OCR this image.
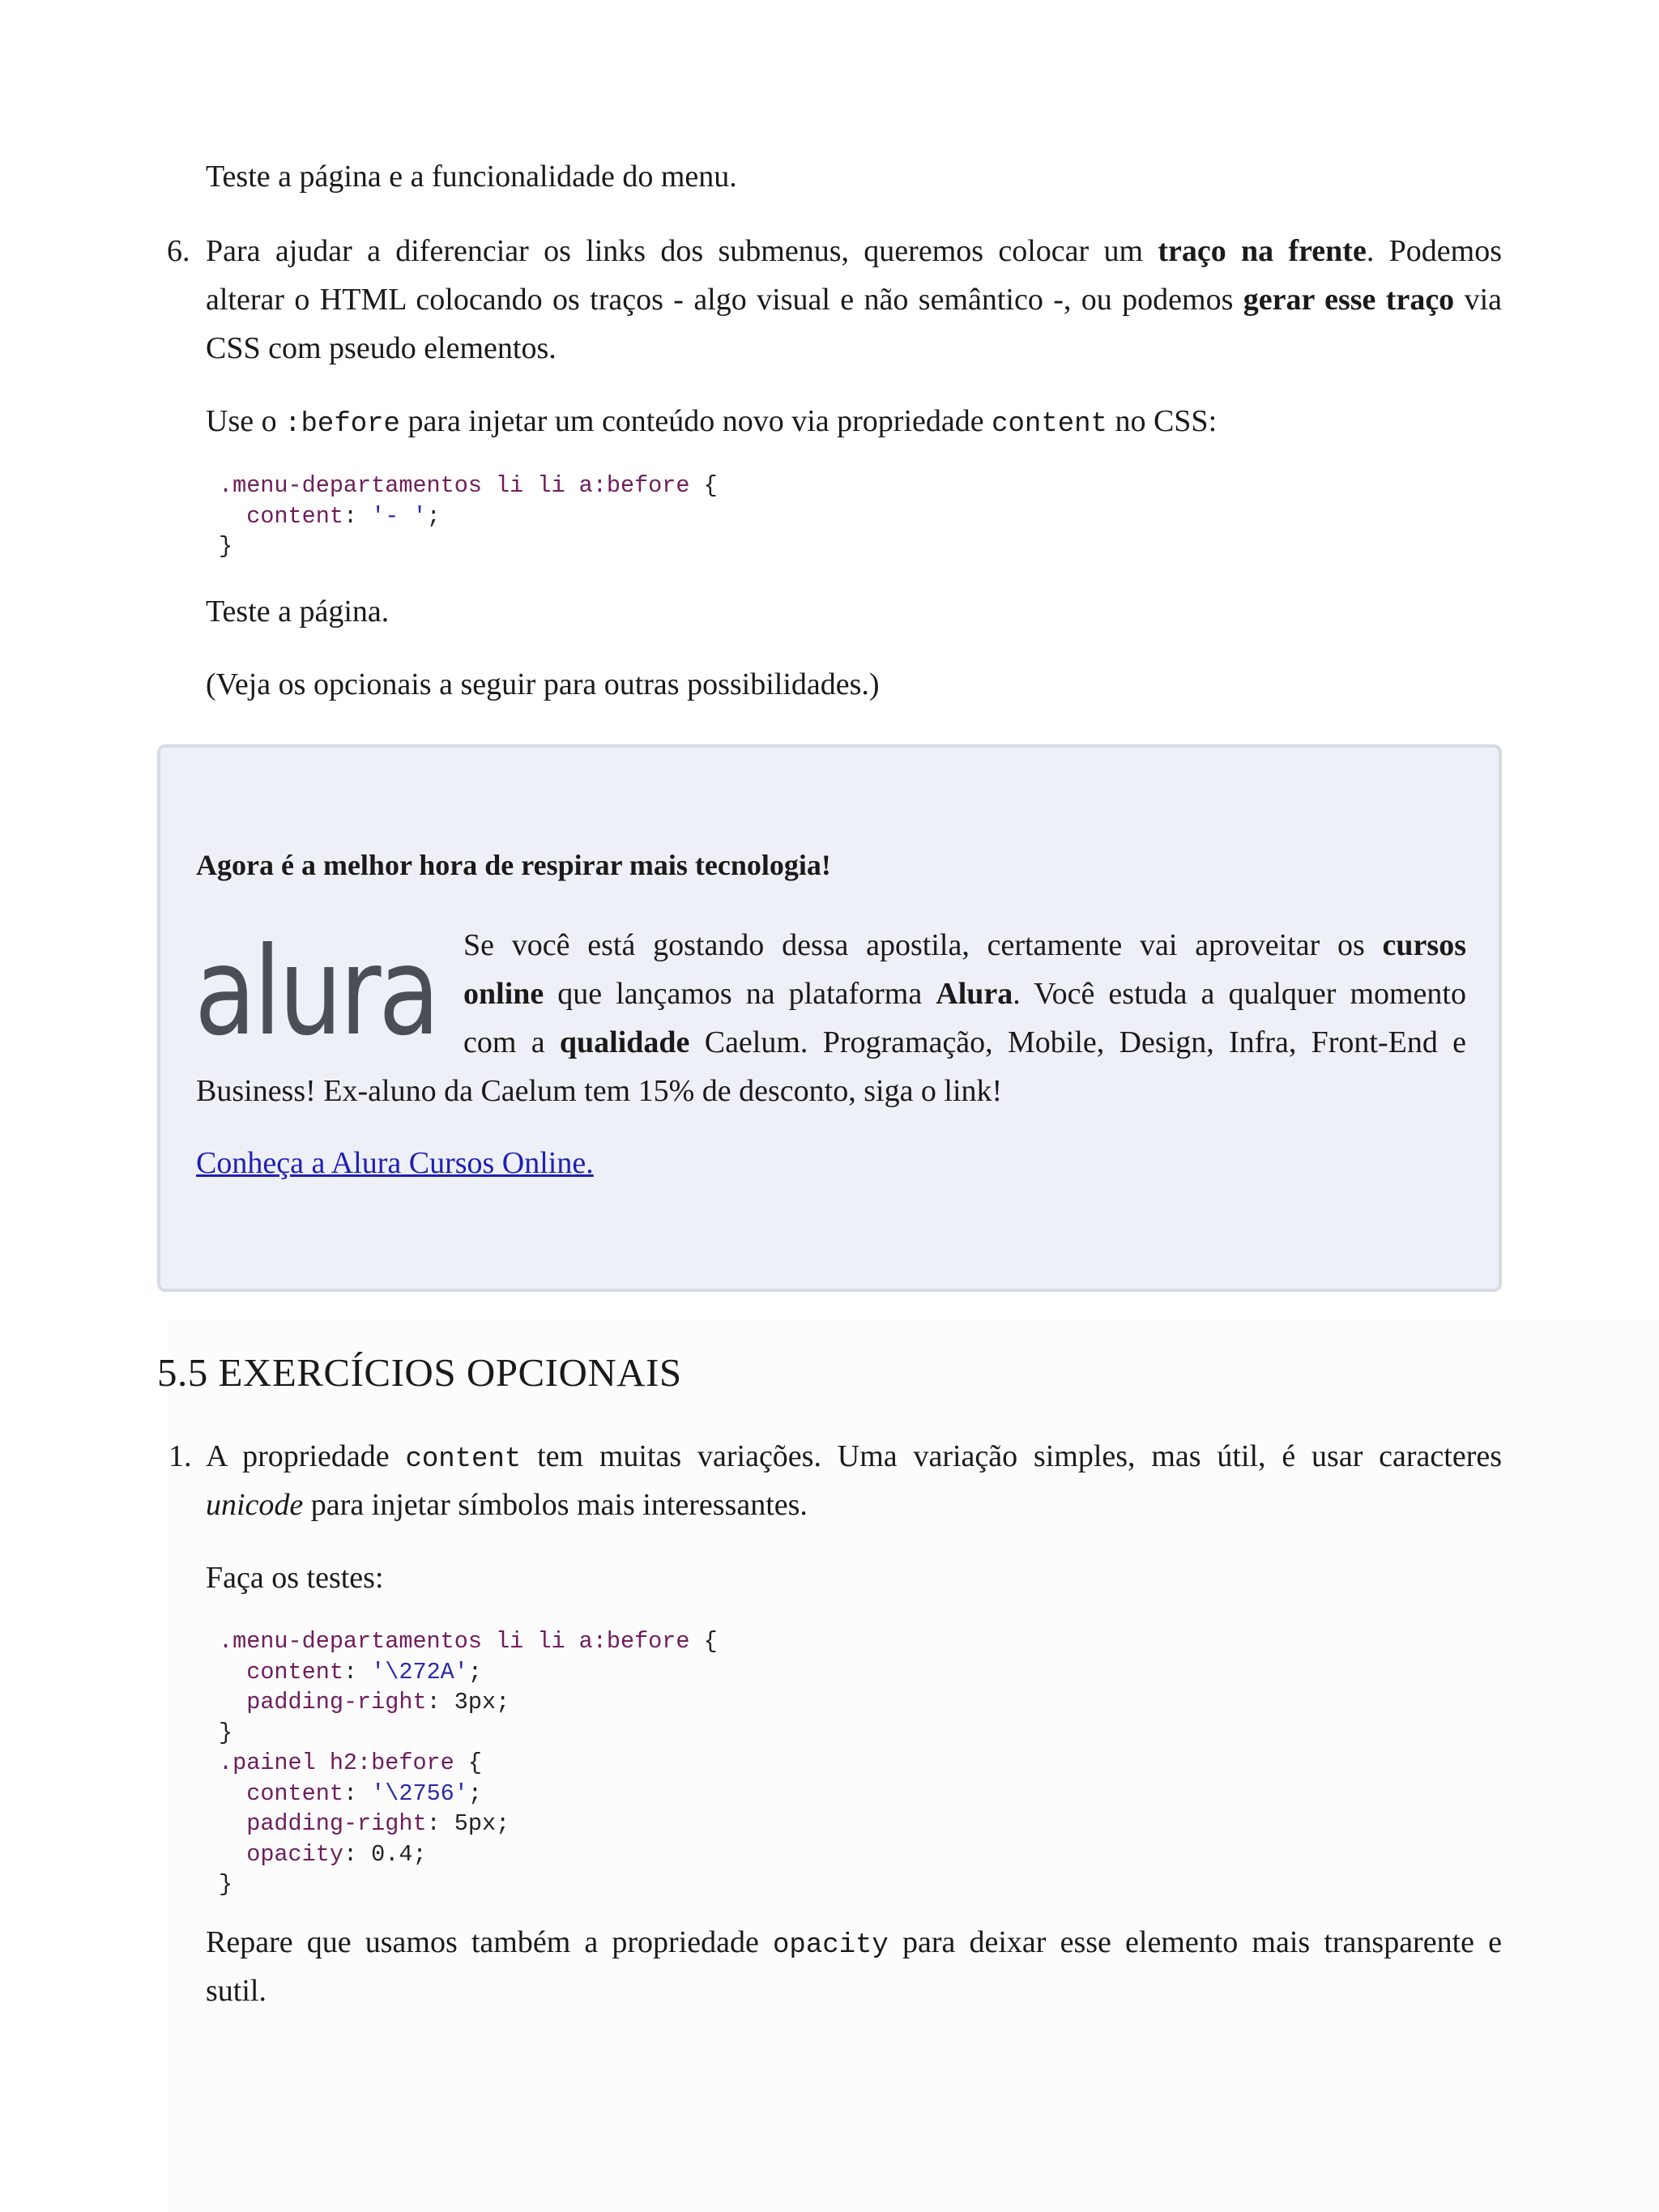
Teste a página e a funcionalidade do menu.

6. Para ajudar a diferenciar os links dos submenus, queremos colocar um traço na frente. Podemos

alterar o HTML colocando os traços - algo visual e não semântico -, ou podemos gerar esse traço via

CSS com pseudo elementos.

Use o :before para injetar um conteúdo novo via propriedade content no CSS:

.menu-departamentos li li a:before {
content: '- ';
}

Teste a página.

(Veja os opcionais a seguir para outras possibilidades.)

Agora é a melhor hora de respirar mais tecnologia!

alura Se você está gostando dessa apostila, certamente vai aproveitar os cursos

online que lançamos na plataforma Alura. Você estuda a qualquer momento

com a qualidade Caelum. Programação, Mobile, Design, Infra, Front-End e

Business! Ex-aluno da Caelum tem 15% de desconto, siga o link!

Conheça a Alura Cursos Online.

5.5 EXERCÍCIOS OPCIONAIS
1. A propriedade content tem muitas variações. Uma variação simples, mas útil, é usar caracteres

unicode para injetar símbolos mais interessantes.

Faça os testes:

.menu-departamentos li li a:before {
content: '\272A';
padding-right: 3px;
}
.painel h2:before {
content: '\2756';
padding-right: 5px;
opacity: 0.4;
}

Repare que usamos também a propriedade opacity para deixar esse elemento mais transparente e

sutil.
